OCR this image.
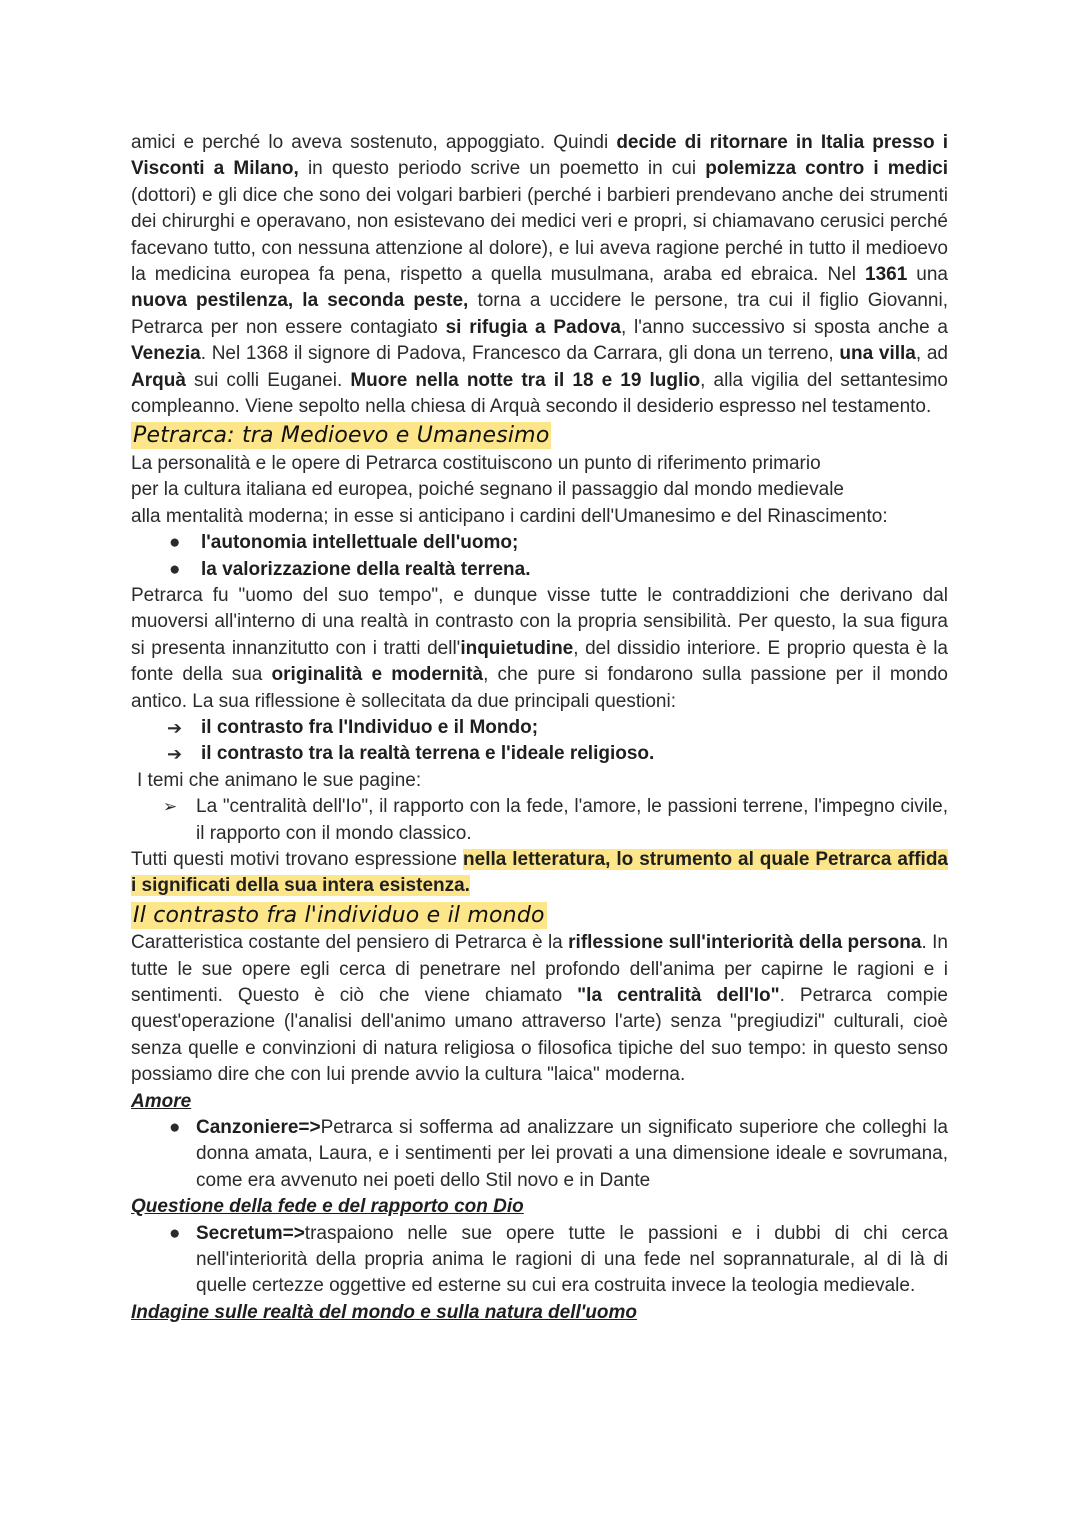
amici e perché lo aveva sostenuto, appoggiato. Quindi decide di ritornare in Italia presso i Visconti a Milano, in questo periodo scrive un poemetto in cui polemizza contro i medici (dottori) e gli dice che sono dei volgari barbieri (perché i barbieri prendevano anche dei strumenti dei chirurghi e operavano, non esistevano dei medici veri e propri, si chiamavano cerusici perché facevano tutto, con nessuna attenzione al dolore), e lui aveva ragione perché in tutto il medioevo la medicina europea fa pena, rispetto a quella musulmana, araba ed ebraica. Nel 1361 una nuova pestilenza, la seconda peste, torna a uccidere le persone, tra cui il figlio Giovanni, Petrarca per non essere contagiato si rifugia a Padova, l'anno successivo si sposta anche a Venezia. Nel 1368 il signore di Padova, Francesco da Carrara, gli dona un terreno, una villa, ad Arquà sui colli Euganei. Muore nella notte tra il 18 e 19 luglio, alla vigilia del settantesimo compleanno. Viene sepolto nella chiesa di Arquà secondo il desiderio espresso nel testamento.

Petrarca: tra Medioevo e Umanesimo

La personalità e le opere di Petrarca costituiscono un punto di riferimento primario

per la cultura italiana ed europea, poiché segnano il passaggio dal mondo medievale

alla mentalità moderna; in esse si anticipano i cardini dell'Umanesimo e del Rinascimento:

● l'autonomia intellettuale dell'uomo;
● la valorizzazione della realtà terrena.

Petrarca fu "uomo del suo tempo", e dunque visse tutte le contraddizioni che derivano dal muoversi all'interno di una realtà in contrasto con la propria sensibilità. Per questo, la sua figura si presenta innanzitutto con i tratti dell'inquietudine, del dissidio interiore. E proprio questa è la fonte della sua originalità e modernità, che pure si fondarono sulla passione per il mondo antico. La sua riflessione è sollecitata da due principali questioni:

➔ il contrasto fra l'Individuo e il Mondo;
➔ il contrasto tra la realtà terrena e l'ideale religioso.

I temi che animano le sue pagine:

➢ La "centralità dell'Io", il rapporto con la fede, l'amore, le passioni terrene, l'impegno civile, il rapporto con il mondo classico.

Tutti questi motivi trovano espressione nella letteratura, lo strumento al quale Petrarca affida i significati della sua intera esistenza.

Il contrasto fra l'individuo e il mondo

Caratteristica costante del pensiero di Petrarca è la riflessione sull'interiorità della persona. In tutte le sue opere egli cerca di penetrare nel profondo dell'anima per capirne le ragioni e i sentimenti. Questo è ciò che viene chiamato "la centralità dell'Io". Petrarca compie quest'operazione (l'analisi dell'animo umano attraverso l'arte) senza "pregiudizi" culturali, cioè senza quelle e convinzioni di natura religiosa o filosofica tipiche del suo tempo: in questo senso possiamo dire che con lui prende avvio la cultura "laica" moderna.

Amore

● Canzoniere=>Petrarca si sofferma ad analizzare un significato superiore che colleghi la donna amata, Laura, e i sentimenti per lei provati a una dimensione ideale e sovrumana, come era avvenuto nei poeti dello Stil novo e in Dante

Questione della fede e del rapporto con Dio

● Secretum=>traspaiono nelle sue opere tutte le passioni e i dubbi di chi cerca nell'interiorità della propria anima le ragioni di una fede nel soprannaturale, al di là di quelle certezze oggettive ed esterne su cui era costruita invece la teologia medievale.

Indagine sulle realtà del mondo e sulla natura dell'uomo
